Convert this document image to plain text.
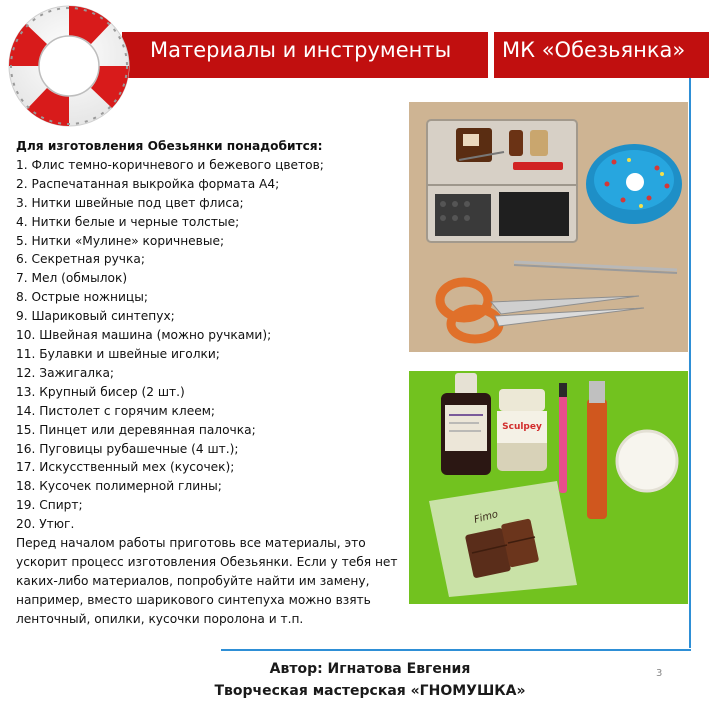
Материалы и инструменты МК «Обезьянка»

Для изготовления Обезьянки понадобится:

1. Флис темно-коричневого и бежевого цветов;
2. Распечатанная выкройка формата А4;
3. Нитки швейные под цвет флиса;
4. Нитки белые и черные толстые;
5. Нитки «Мулине» коричневые;
6. Секретная ручка;
7. Мел (обмылок)
8. Острые ножницы;
9. Шариковый синтепух;
10. Швейная машина (можно ручками);
11. Булавки и швейные иголки;
12. Зажигалка;
13. Крупный бисер (2 шт.)
14. Пистолет с горячим клеем;
15. Пинцет или деревянная палочка;
16. Пуговицы рубашечные (4 шт.);
17. Искусственный мех (кусочек);
18. Кусочек полимерной глины;
19. Спирт;
20. Утюг.

Перед началом работы приготовь все материалы, это ускорит процесс изготовления Обезьянки. Если у тебя нет каких-либо материалов, попробуйте найти им замену, например, вместо шарикового синтепуха можно взять ленточный, опилки, кусочки поролона и т.п.

Sculpey
Fimo
Автор: Игнатова Евгения
Творческая мастерская «ГНОМУШКА»
3
